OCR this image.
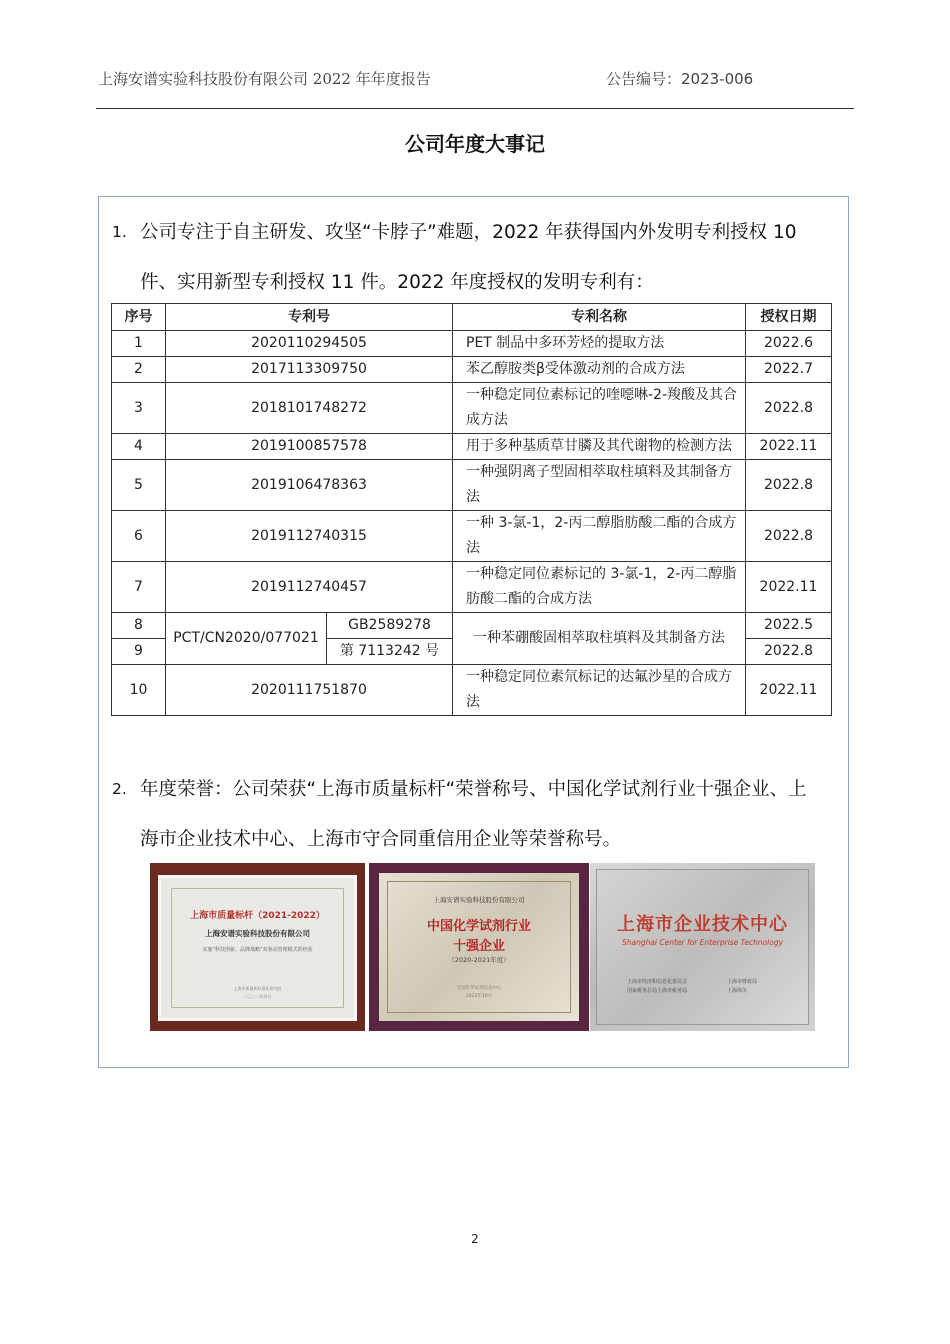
上海安谱实验科技股份有限公司 2022 年年度报告	公告编号：2023-006
公司年度大事记
1. 公司专注于自主研发、攻坚“卡脖子”难题，2022 年获得国内外发明专利授权 10
件、实用新型专利授权 11 件。2022 年度授权的发明专利有：
序号	专利号		专利名称	授权日期
1	2020110294505		PET 制品中多环芳烃的提取方法	2022.6
2	2017113309750		苯乙醇胺类β受体激动剂的合成方法	2022.7
3	2018101748272		一种稳定同位素标记的喹噁啉-2-羧酸及其合成方法	2022.8
4	2019100857578		用于多种基质草甘膦及其代谢物的检测方法	2022.11
5	2019106478363		一种强阴离子型固相萃取柱填料及其制备方法	2022.8
6	2019112740315		一种 3-氯-1，2-丙二醇脂肪酸二酯的合成方法	2022.8
7	2019112740457		一种稳定同位素标记的 3-氯-1，2-丙二醇脂肪酸二酯的合成方法	2022.11
8	PCT/CN2020/077021	GB2589278	一种苯硼酸固相萃取柱填料及其制备方法	2022.5
9		第 7113242 号		2022.8
10	2020111751870		一种稳定同位素氘标记的达氟沙星的合成方法	2022.11
2. 年度荣誉：公司荣获“上海市质量标杆“荣誉称号、中国化学试剂行业十强企业、上
海市企业技术中心、上海市守合同重信用企业等荣誉称号。
上海市质量标杆（2021-2022）
上海安谱实验科技股份有限公司
实施“科技创新、品牌战略”双驱动管理模式的经验
上海市质量和标准化研究院
二〇二二年四月
上海安谱实验科技股份有限公司
中国化学试剂行业
十强企业
（2020-2021年度）
全国化学试剂信息中心
2022年10月
上海市企业技术中心
Shanghai Center for Enterprise Technology
上海市经济和信息化委员会	上海市财政局
国家税务总局上海市税务局	上海海关
2
